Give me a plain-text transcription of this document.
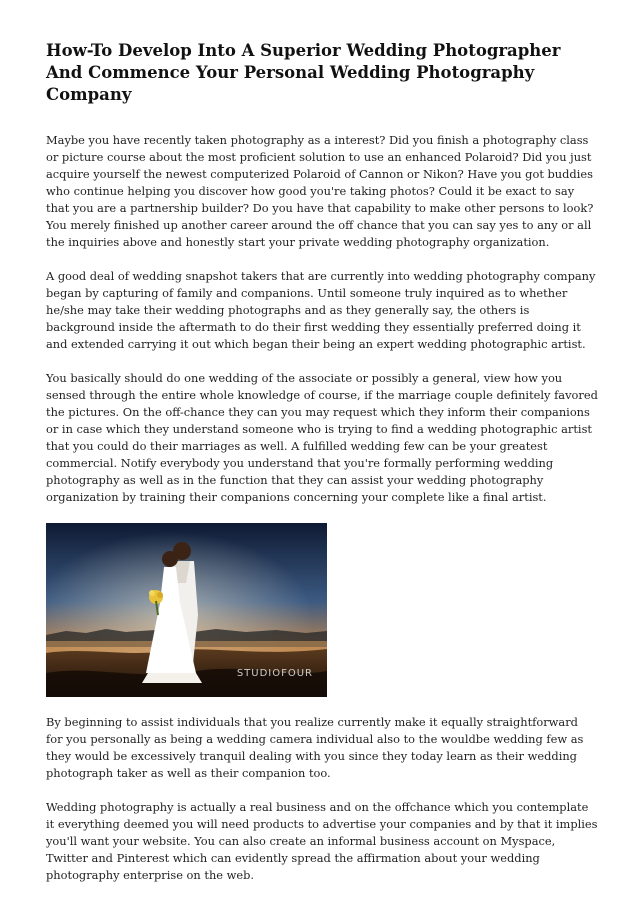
How-To Develop Into A Superior Wedding Photographer And Commence Your Personal Wedding Photography Company

Maybe you have recently taken photography as a interest? Did you finish a photography class or picture course about the most proficient solution to use an enhanced Polaroid? Did you just acquire yourself the newest computerized Polaroid of Cannon or Nikon? Have you got buddies who continue helping you discover how good you're taking photos? Could it be exact to say that you are a partnership builder? Do you have that capability to make other persons to look? You merely finished up another career around the off chance that you can say yes to any or all the inquiries above and honestly start your private wedding photography organization.

A good deal of wedding snapshot takers that are currently into wedding photography company began by capturing of family and companions. Until someone truly inquired as to whether he/she may take their wedding photographs and as they generally say, the others is background inside the aftermath to do their first wedding they essentially preferred doing it and extended carrying it out which began their being an expert wedding photographic artist.

You basically should do one wedding of the associate or possibly a general, view how you sensed through the entire whole knowledge of course, if the marriage couple definitely favored the pictures. On the off-chance they can you may request which they inform their companions or in case which they understand someone who is trying to find a wedding photographic artist that you could do their marriages as well. A fulfilled wedding few can be your greatest commercial. Notify everybody you understand that you're formally performing wedding photography as well as in the function that they can assist your wedding photography organization by training their companions concerning your complete like a final artist.

STUDIOFOUR

By beginning to assist individuals that you realize currently make it equally straightforward for you personally as being a wedding camera individual also to the wouldbe wedding few as they would be excessively tranquil dealing with you since they today learn as their wedding photograph taker as well as their companion too.

Wedding photography is actually a real business and on the offchance which you contemplate it everything deemed you will need products to advertise your companies and by that it implies you'll want your website. You can also create an informal business account on Myspace, Twitter and Pinterest which can evidently spread the affirmation about your wedding photography enterprise on the web.
